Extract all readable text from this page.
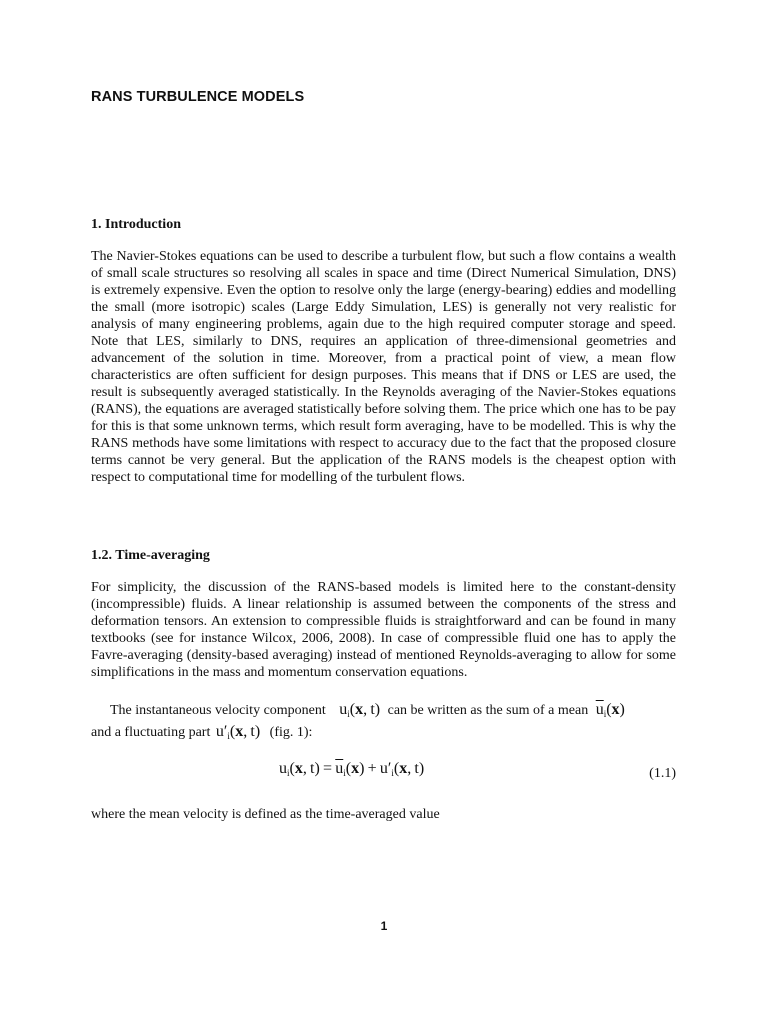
RANS TURBULENCE MODELS
1. Introduction

The Navier-Stokes equations can be used to describe a turbulent flow, but such a flow contains a wealth of small scale structures so resolving all scales in space and time (Direct Numerical Simulation, DNS) is extremely expensive. Even the option to resolve only the large (energy-bearing) eddies and modelling the small (more isotropic) scales (Large Eddy Simulation, LES) is generally not very realistic for analysis of many engineering problems, again due to the high required computer storage and speed. Note that LES, similarly to DNS, requires an application of three-dimensional geometries and advancement of the solution in time. Moreover, from a practical point of view, a mean flow characteristics are often sufficient for design purposes. This means that if DNS or LES are used, the result is subsequently averaged statistically. In the Reynolds averaging of the Navier-Stokes equations (RANS), the equations are averaged statistically before solving them. The price which one has to be pay for this is that some unknown terms, which result form averaging, have to be modelled. This is why the RANS methods have some limitations with respect to accuracy due to the fact that the proposed closure terms cannot be very general. But the application of the RANS models is the cheapest option with respect to computational time for modelling of the turbulent flows.

1.2. Time-averaging

For simplicity, the discussion of the RANS-based models is limited here to the constant-density (incompressible) fluids. A linear relationship is assumed between the components of the stress and deformation tensors. An extension to compressible fluids is straightforward and can be found in many textbooks (see for instance Wilcox, 2006, 2008). In case of compressible fluid one has to apply the Favre-averaging (density-based averaging) instead of mentioned Reynolds-averaging to allow for some simplifications in the mass and momentum conservation equations.

The instantaneous velocity component $u_i(x$, t) can be written as the sum of a mean $\overline{u}_i(x)$
and a fluctuating part $u'_i(x$, t) (fig. 1):
$u_i(x$, $t) = \overline{u}_i(x) + u'_i(x$, t)	(1.1)

where the mean velocity is defined as the time-averaged value

1
